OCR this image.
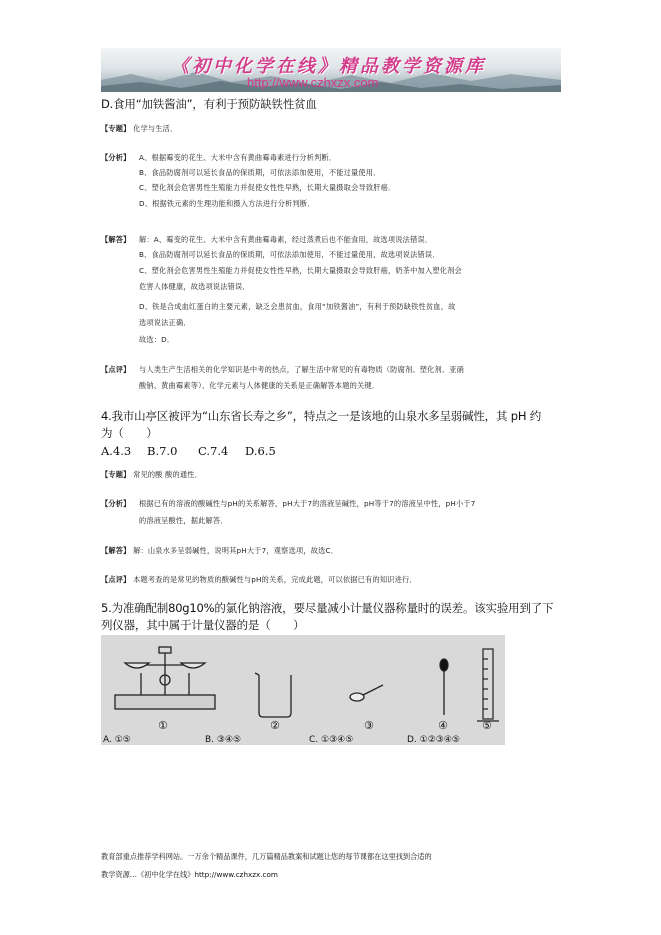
《初中化学在线》精品教学资源库
http://www.czhxzx.com
D.食用“加铁酱油”，有利于预防缺铁性贫血
【专题】 化学与生活．
【分析】 A、根据霉变的花生、大米中含有黄曲霉毒素进行分析判断．
B、食品防腐剂可以延长食品的保质期，可依法添加使用，不能过量使用．
C、塑化剂会危害男性生殖能力并促使女性性早熟，长期大量摄取会导致肝癌．
D、根据铁元素的生理功能和摄入方法进行分析判断．
【解答】 解：A、霉变的花生、大米中含有黄曲霉毒素，经过蒸煮后也不能食用，故选项说法错误．
B、食品防腐剂可以延长食品的保质期，可依法添加使用，不能过量使用，故选项说法错误．
C、塑化剂会危害男性生殖能力并促使女性性早熟，长期大量摄取会导致肝癌，奶茶中加入塑化剂会
危害人体健康，故选项说法错误．
D、铁是合成血红蛋白的主要元素，缺乏会患贫血，食用“加铁酱油”，有利于预防缺铁性贫血，故
选项说法正确．
故选：D．
【点评】 与人类生产生活相关的化学知识是中考的热点，了解生活中常见的有毒物质（防腐剂、塑化剂、亚硝
酸钠、黄曲霉素等）、化学元素与人体健康的关系是正确解答本题的关键．
4.我市山亭区被评为“山东省长寿之乡”，特点之一是该地的山泉水多呈弱碱性，其 pH 约
为（　　）
A.4.3 B.7.0 C.7.4 D.6.5
【专题】 常见的酸 酸的通性．
【分析】 根据已有的溶液的酸碱性与pH的关系解答，pH大于7的溶液呈碱性，pH等于7的溶液呈中性，pH小于7
的溶液呈酸性，据此解答．
【解答】 解：山泉水多呈弱碱性，说明其pH大于7，观察选项，故选C．
【点评】 本题考查的是常见的物质的酸碱性与pH的关系，完成此题，可以依据已有的知识进行．
5.为准确配制80g10%的氯化钠溶液，要尽量减小计量仪器称量时的误差。该实验用到了下
列仪器，其中属于计量仪器的是（　　）
①	②	③	④	⑤
A. ①⑤	B. ③④⑤	C. ①③④⑤	D. ①②③④⑤
教育部重点推荐学科网站。一万余个精品课件，几万篇精品教案和试题让您的每节课都在这里找到合适的
教学资源…《初中化学在线》http://www.czhxzx.com
